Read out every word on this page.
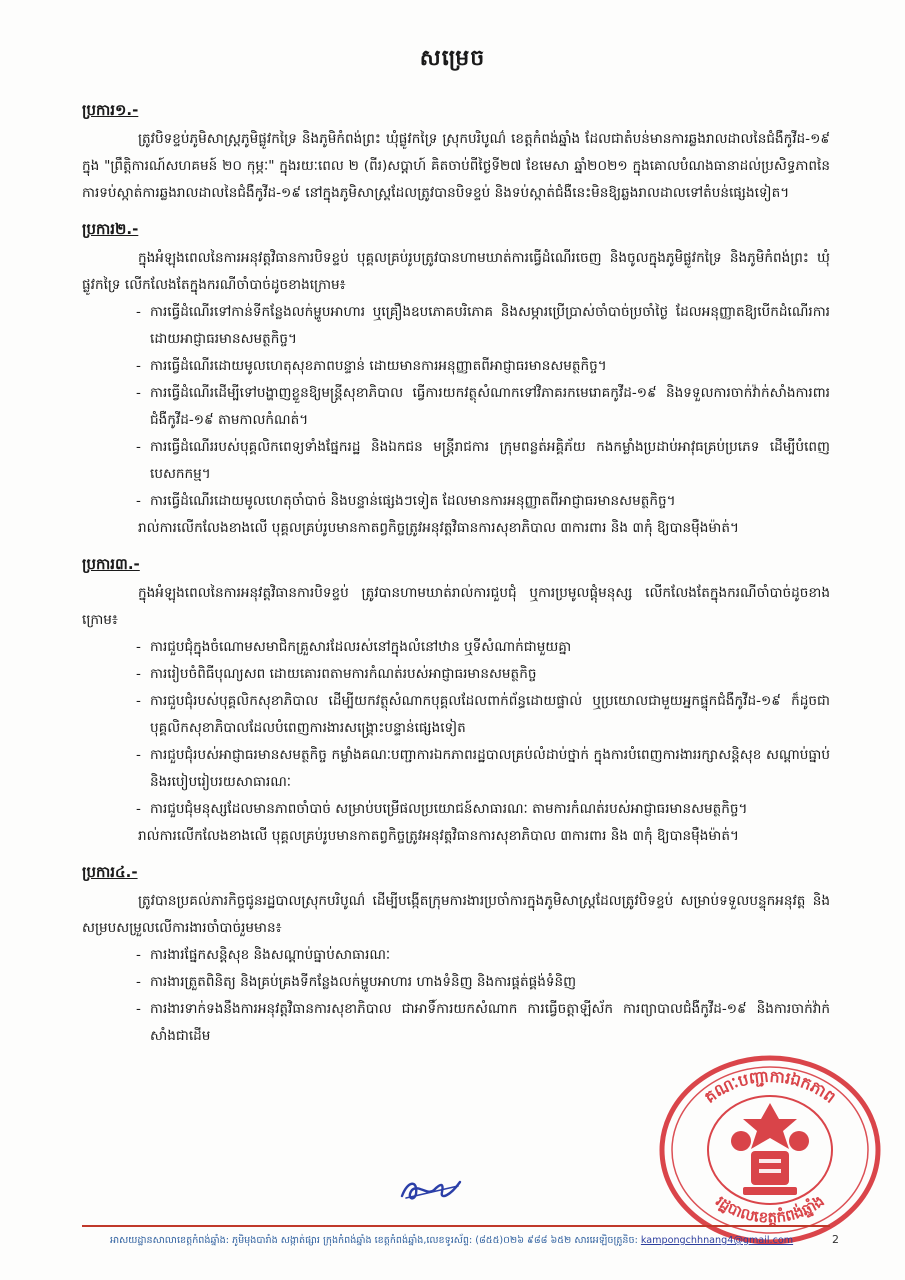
សម្រេច
ប្រការ១.-

ត្រូវបិទខ្ទប់ភូមិសាស្ត្រភូមិផ្លូវកទ្រៃ និងភូមិកំពង់ព្រះ ឃុំផ្លូវកទ្រៃ ស្រុកបរិបូណ៌ ខេត្តកំពង់ឆ្នាំង ដែលជាតំបន់មានការឆ្លងរាលដាលនៃជំងឺកូវីដ-១៩ ក្នុង "ព្រឹត្តិការណ៍សហគមន៍ ២០ កុម្ភៈ" ក្នុងរយៈពេល ២ (ពីរ)សប្តាហ៍ គិតចាប់ពីថ្ងៃទី២៧ ខែមេសា ឆ្នាំ២០២១ ក្នុងគោលបំណងធានាដល់ប្រសិទ្ធភាពនៃការទប់ស្កាត់ការឆ្លងរាលដាលនៃជំងឺកូវីដ-១៩ នៅក្នុងភូមិសាស្ត្រដែលត្រូវបានបិទខ្ទប់ និងទប់ស្កាត់ជំងឺនេះមិនឱ្យឆ្លងរាលដាលទៅតំបន់ផ្សេងទៀត។

ប្រការ២.-

ក្នុងអំឡុងពេលនៃការអនុវត្តវិធានការបិទខ្ទប់ បុគ្គលគ្រប់រូបត្រូវបានហាមឃាត់ការធ្វើដំណើរចេញ និងចូលក្នុងភូមិផ្លូវកទ្រៃ និងភូមិកំពង់ព្រះ ឃុំផ្លូវកទ្រៃ លើកលែងតែក្នុងករណីចាំបាច់ដូចខាងក្រោម៖

- ការធ្វើដំណើរទៅកាន់ទីកន្លែងលក់ម្ហូបអាហារ ឬគ្រឿងឧបភោគបរិភោគ និងសម្ភារប្រើប្រាស់ចាំបាច់ប្រចាំថ្ងៃ ដែលអនុញ្ញាតឱ្យបើកដំណើរការដោយអាជ្ញាធរមានសមត្ថកិច្ច។
- ការធ្វើដំណើរដោយមូលហេតុសុខភាពបន្ទាន់ ដោយមានការអនុញ្ញាតពីអាជ្ញាធរមានសមត្ថកិច្ច។
- ការធ្វើដំណើរដើម្បីទៅបង្ហាញខ្លួនឱ្យមន្ត្រីសុខាភិបាល ធ្វើការយកវត្ថុសំណាកទៅវិភាគរកមេរោគកូវីដ-១៩ និងទទួលការចាក់វ៉ាក់សាំងការពារជំងឺកូវីដ-១៩ តាមកាលកំណត់។
- ការធ្វើដំណើររបស់បុគ្គលិកពេទ្យទាំងផ្នែករដ្ឋ និងឯកជន មន្ត្រីរាជការ ក្រុមពន្លត់អគ្គិភ័យ កងកម្លាំងប្រដាប់អាវុធគ្រប់ប្រភេទ ដើម្បីបំពេញបេសកកម្ម។
- ការធ្វើដំណើរដោយមូលហេតុចាំបាច់ និងបន្ទាន់ផ្សេងៗទៀត ដែលមានការអនុញ្ញាតពីអាជ្ញាធរមានសមត្ថកិច្ច។

រាល់ការលើកលែងខាងលើ បុគ្គលគ្រប់រូបមានកាតព្វកិច្ចត្រូវអនុវត្តវិធានការសុខាភិបាល ៣ការពារ និង ៣កុំ ឱ្យបានម៉ឺងម៉ាត់។

ប្រការ៣.-

ក្នុងអំឡុងពេលនៃការអនុវត្តវិធានការបិទខ្ទប់ ត្រូវបានហាមឃាត់រាល់ការជួបជុំ ឬការប្រមូលផ្តុំមនុស្ស លើកលែងតែក្នុងករណីចាំបាច់ដូចខាងក្រោម៖

- ការជួបជុំក្នុងចំណោមសមាជិកគ្រួសារដែលរស់នៅក្នុងលំនៅឋាន ឬទីសំណាក់ជាមួយគ្នា
- ការរៀបចំពិធីបុណ្យសព ដោយគោរពតាមការកំណត់របស់អាជ្ញាធរមានសមត្ថកិច្ច
- ការជួបជុំរបស់បុគ្គលិកសុខាភិបាល ដើម្បីយកវត្ថុសំណាកបុគ្គលដែលពាក់ព័ន្ធដោយផ្ទាល់ ឬប្រយោលជាមួយអ្នកផ្ទុកជំងឺកូវីដ-១៩ ក៏ដូចជាបុគ្គលិកសុខាភិបាលដែលបំពេញការងារសង្គ្រោះបន្ទាន់ផ្សេងទៀត
- ការជួបជុំរបស់អាជ្ញាធរមានសមត្ថកិច្ច កម្លាំងគណៈបញ្ជាការឯកភាពរដ្ឋបាលគ្រប់លំដាប់ថ្នាក់ ក្នុងការបំពេញការងាររក្សាសន្តិសុខ សណ្តាប់ធ្នាប់ និងរបៀបរៀបរយសាធារណៈ
- ការជួបជុំមនុស្សដែលមានភាពចាំបាច់ សម្រាប់បម្រើផលប្រយោជន៍សាធារណៈ តាមការកំណត់របស់អាជ្ញាធរមានសមត្ថកិច្ច។

រាល់ការលើកលែងខាងលើ បុគ្គលគ្រប់រូបមានកាតព្វកិច្ចត្រូវអនុវត្តវិធានការសុខាភិបាល ៣ការពារ និង ៣កុំ ឱ្យបានម៉ឺងម៉ាត់។

ប្រការ៤.-

ត្រូវបានប្រគល់ភារកិច្ចជូនរដ្ឋបាលស្រុកបរិបូណ៌ ដើម្បីបង្កើតក្រុមការងារប្រចាំការក្នុងភូមិសាស្ត្រដែលត្រូវបិទខ្ទប់ សម្រាប់ទទួលបន្ទុកអនុវត្ត និងសម្របសម្រួលលើការងារចាំបាច់រួមមាន៖

- ការងារផ្នែកសន្តិសុខ និងសណ្តាប់ធ្នាប់សាធារណៈ
- ការងារត្រួតពិនិត្យ និងគ្រប់គ្រងទីកន្លែងលក់ម្ហូបអាហារ ហាងទំនិញ និងការផ្គត់ផ្គង់ទំនិញ
- ការងារទាក់ទងនឹងការអនុវត្តវិធានការសុខាភិបាល ជាអាទិ៍ការយកសំណាក ការធ្វើចត្តាឡីស័ក ការព្យាបាលជំងឺកូវីដ-១៩ និងការចាក់វ៉ាក់សាំងជាដើម
គណៈបញ្ជាការឯកភាព
រដ្ឋបាលខេត្តកំពង់ឆ្នាំង
អាសយដ្ឋានសាលាខេត្តកំពង់ឆ្នាំង: ភូមិមុងបារាំង សង្កាត់ផ្សារ ក្រុងកំពង់ឆ្នាំង ខេត្តកំពង់ឆ្នាំង,លេខទូរស័ព្ទ: (៨៥៥)០២៦ ៩៨៨ ៦៥២ សារអេឡិចត្រូនិច: kampongchhnang4@gmail.com	2
